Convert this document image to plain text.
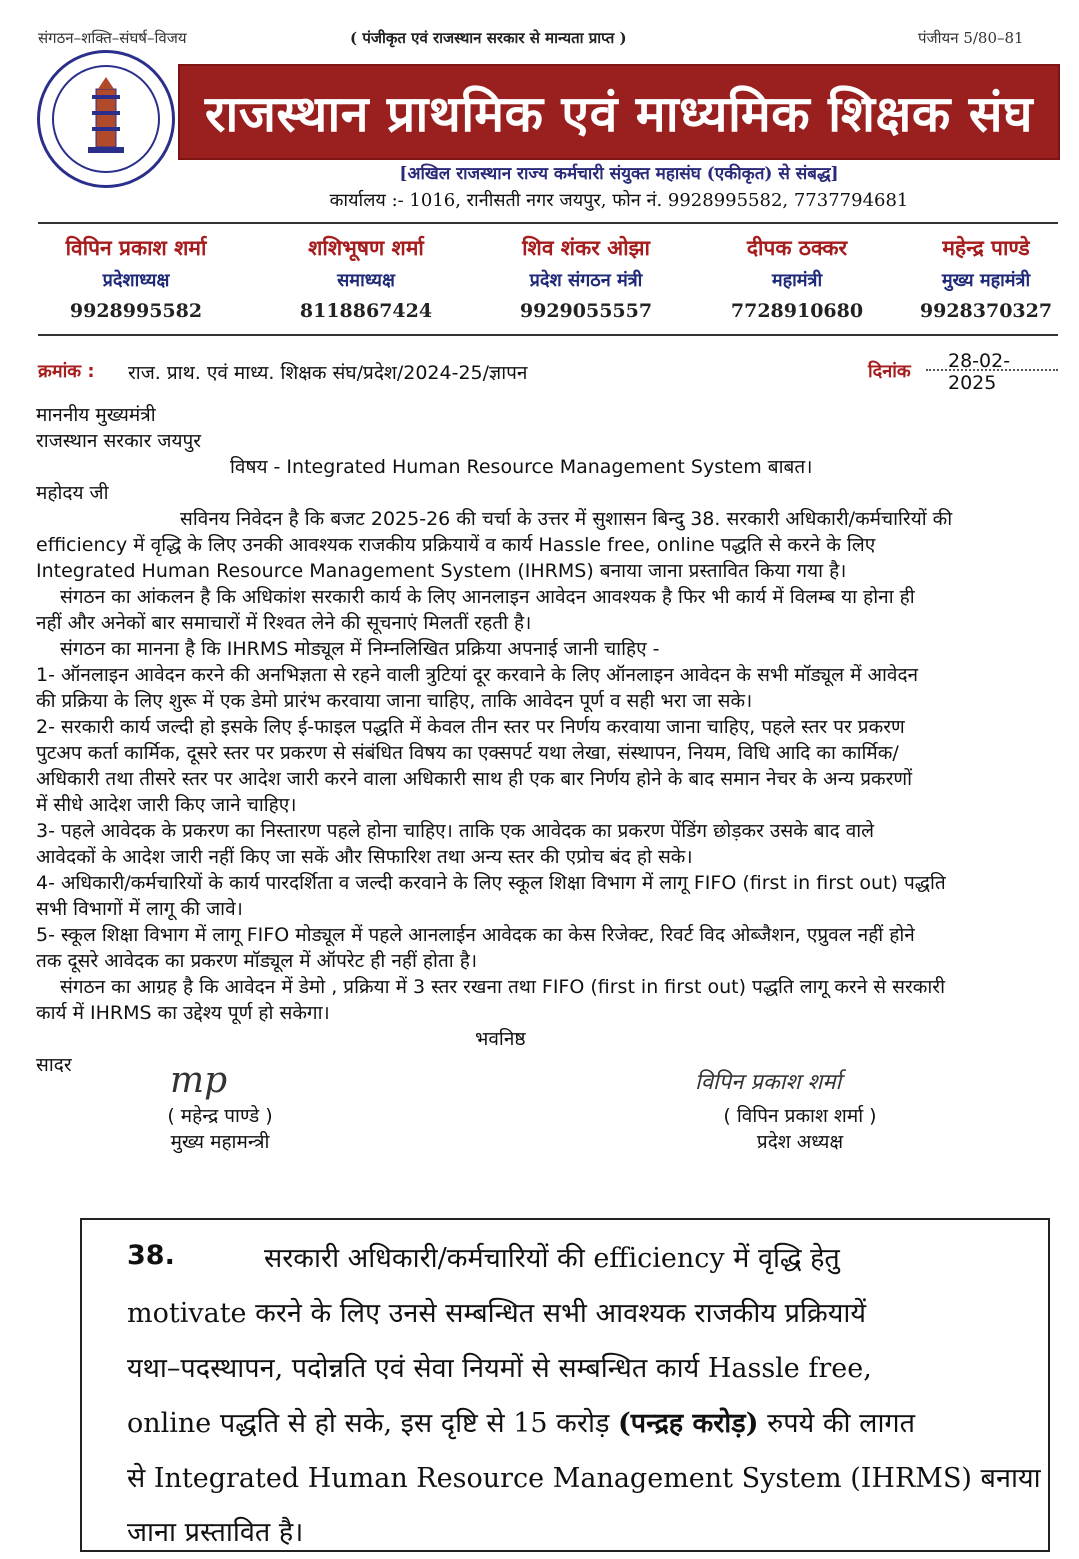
संगठन–शक्ति–संघर्ष–विजय	( पंजीकृत एवं राजस्थान सरकार से मान्यता प्राप्त )	पंजीयन 5/80–81
राजस्थान प्राथमिक एवं माध्यमिक शिक्षक संघ
[अखिल राजस्थान राज्य कर्मचारी संयुक्त महासंघ (एकीकृत) से संबद्ध]
कार्यालय :- 1016, रानीसती नगर जयपुर, फोन नं. 9928995582, 7737794681
विपिन प्रकाश शर्मा
प्रदेशाध्यक्ष
9928995582
शशिभूषण शर्मा
समाध्यक्ष
8118867424
शिव शंकर ओझा
प्रदेश संगठन मंत्री
9929055557
दीपक ठक्कर
महामंत्री
7728910680
महेन्द्र पाण्डे
मुख्य महामंत्री
9928370327
क्रमांक : राज. प्राथ. एवं माध्य. शिक्षक संघ/प्रदेश/2024-25/ज्ञापन	दिनांक 28-02-2025
माननीय मुख्यमंत्री
राजस्थान सरकार जयपुर
विषय - Integrated Human Resource Management System बाबत।
महोदय जी
सविनय निवेदन है कि बजट 2025-26 की चर्चा के उत्तर में सुशासन बिन्दु 38. सरकारी अधिकारी/कर्मचारियों की
efficiency में वृद्धि के लिए उनकी आवश्यक राजकीय प्रक्रियायें व कार्य Hassle free, online पद्धति से करने के लिए
Integrated Human Resource Management System (IHRMS) बनाया जाना प्रस्तावित किया गया है।
संगठन का आंकलन है कि अधिकांश सरकारी कार्य के लिए आनलाइन आवेदन आवश्यक है फिर भी कार्य में विलम्ब या होना ही
नहीं और अनेकों बार समाचारों में रिश्वत लेने की सूचनाएं मिलतीं रहती है।
संगठन का मानना है कि IHRMS मोड्यूल में निम्नलिखित प्रक्रिया अपनाई जानी चाहिए -
1- ऑनलाइन आवेदन करने की अनभिज्ञता से रहने वाली त्रुटियां दूर करवाने के लिए ऑनलाइन आवेदन के सभी मॉड्यूल में आवेदन
की प्रक्रिया के लिए शुरू में एक डेमो प्रारंभ करवाया जाना चाहिए, ताकि आवेदन पूर्ण व सही भरा जा सके।
2- सरकारी कार्य जल्दी हो इसके लिए ई-फाइल पद्धति में केवल तीन स्तर पर निर्णय करवाया जाना चाहिए, पहले स्तर पर प्रकरण
पुटअप कर्ता कार्मिक, दूसरे स्तर पर प्रकरण से संबंधित विषय का एक्सपर्ट यथा लेखा, संस्थापन, नियम, विधि आदि का कार्मिक/
अधिकारी तथा तीसरे स्तर पर आदेश जारी करने वाला अधिकारी साथ ही एक बार निर्णय होने के बाद समान नेचर के अन्य प्रकरणों
में सीधे आदेश जारी किए जाने चाहिए।
3- पहले आवेदक के प्रकरण का निस्तारण पहले होना चाहिए। ताकि एक आवेदक का प्रकरण पेंडिंग छोड़कर उसके बाद वाले
आवेदकों के आदेश जारी नहीं किए जा सकें और सिफारिश तथा अन्य स्तर की एप्रोच बंद हो सके।
4- अधिकारी/कर्मचारियों के कार्य पारदर्शिता व जल्दी करवाने के लिए स्कूल शिक्षा विभाग में लागू FIFO (first in first out) पद्धति
सभी विभागों में लागू की जावे।
5- स्कूल शिक्षा विभाग में लागू FIFO मोड्यूल में पहले आनलाईन आवेदक का केस रिजेक्ट, रिवर्ट विद ओब्जैशन, एप्रुवल नहीं होने
तक दूसरे आवेदक का प्रकरण मॉड्यूल में ऑपरेट ही नहीं होता है।
संगठन का आग्रह है कि आवेदन में डेमो , प्रक्रिया में 3 स्तर रखना तथा FIFO (first in first out) पद्धति लागू करने से सरकारी
कार्य में IHRMS का उद्देश्य पूर्ण हो सकेगा।
भवनिष्ठ
सादर	mp
( महेन्द्र पाण्डे )
मुख्य महामन्त्री
विपिन प्रकाश शर्मा
( विपिन प्रकाश शर्मा )
प्रदेश अध्यक्ष
38.	सरकारी अधिकारी/कर्मचारियों की efficiency में वृद्धि हेतु
motivate करने के लिए उनसे सम्बन्धित सभी आवश्यक राजकीय प्रक्रियायें
यथा–पदस्थापन, पदोन्नति एवं सेवा नियमों से सम्बन्धित कार्य Hassle free,
online पद्धति से हो सके, इस दृष्टि से 15 करोड़ (पन्द्रह करोड़) रुपये की लागत
से Integrated Human Resource Management System (IHRMS) बनाया
जाना प्रस्तावित है।
